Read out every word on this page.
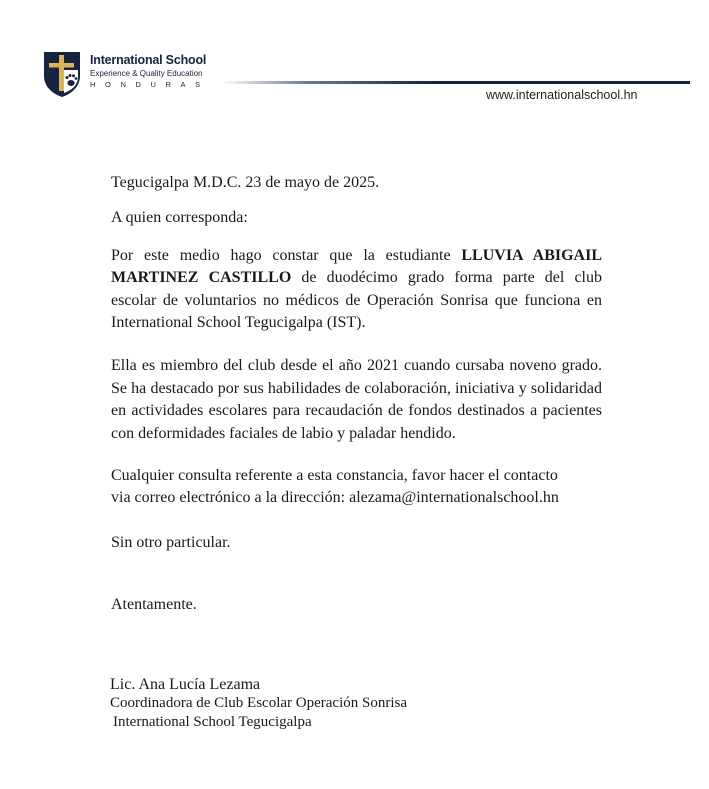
International School
Experience & Quality Education
HONDURAS
www.internationalschool.hn

Tegucigalpa M.D.C. 23 de mayo de 2025.

A quien corresponda:

Por este medio hago constar que la estudiante LLUVIA ABIGAIL MARTINEZ CASTILLO de duodécimo grado forma parte del club escolar de voluntarios no médicos de Operación Sonrisa que funciona en International School Tegucigalpa (IST).

Ella es miembro del club desde el año 2021 cuando cursaba noveno grado. Se ha destacado por sus habilidades de colaboración, iniciativa y solidaridad en actividades escolares para recaudación de fondos destinados a pacientes con deformidades faciales de labio y paladar hendido.

Cualquier consulta referente a esta constancia, favor hacer el contacto
via correo electrónico a la dirección: alezama@internationalschool.hn

Sin otro particular.

Atentamente.

Lic. Ana Lucía Lezama
Coordinadora de Club Escolar Operación Sonrisa
International School Tegucigalpa
